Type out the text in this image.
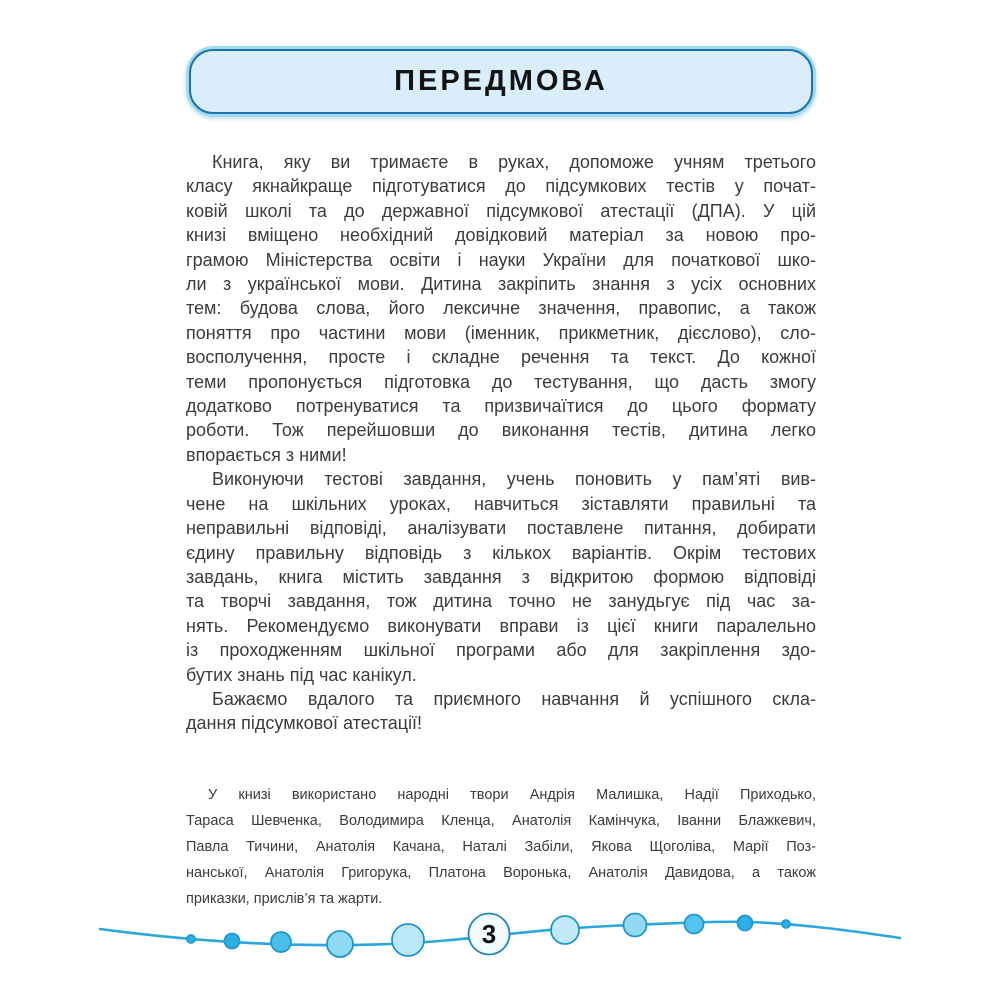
ПЕРЕДМОВА
Книга, яку ви тримаєте в руках, допоможе учням третього
класу якнайкраще підготуватися до підсумкових тестів у почат-
ковій школі та до державної підсумкової атестації (ДПА). У цій
книзі вміщено необхідний довідковий матеріал за новою про-
грамою Міністерства освіти і науки України для початкової шко-
ли з української мови. Дитина закріпить знання з усіх основних
тем: будова слова, його лексичне значення, правопис, а також
поняття про частини мови (іменник, прикметник, дієслово), сло-
восполучення, просте і складне речення та текст. До кожної
теми пропонується підготовка до тестування, що дасть змогу
додатково потренуватися та призвичаїтися до цього формату
роботи. Тож перейшовши до виконання тестів, дитина легко
впорається з ними!
Виконуючи тестові завдання, учень поновить у пам’яті вив-
чене на шкільних уроках, навчиться зіставляти правильні та
неправильні відповіді, аналізувати поставлене питання, добирати
єдину правильну відповідь з кількох варіантів. Окрім тестових
завдань, книга містить завдання з відкритою формою відповіді
та творчі завдання, тож дитина точно не занудьгує під час за-
нять. Рекомендуємо виконувати вправи із цієї книги паралельно
із проходженням шкільної програми або для закріплення здо-
бутих знань під час канікул.
Бажаємо вдалого та приємного навчання й успішного скла-
дання підсумкової атестації!
У книзі використано народні твори Андрія Малишка, Надії Приходько,
Тараса Шевченка, Володимира Кленца, Анатолія Камінчука, Іванни Блажкевич,
Павла Тичини, Анатолія Качана, Наталі Забіли, Якова Щоголіва, Марії Поз-
нанської, Анатолія Григорука, Платона Воронька, Анатолія Давидова, а також
приказки, прислів’я та жарти.
3
